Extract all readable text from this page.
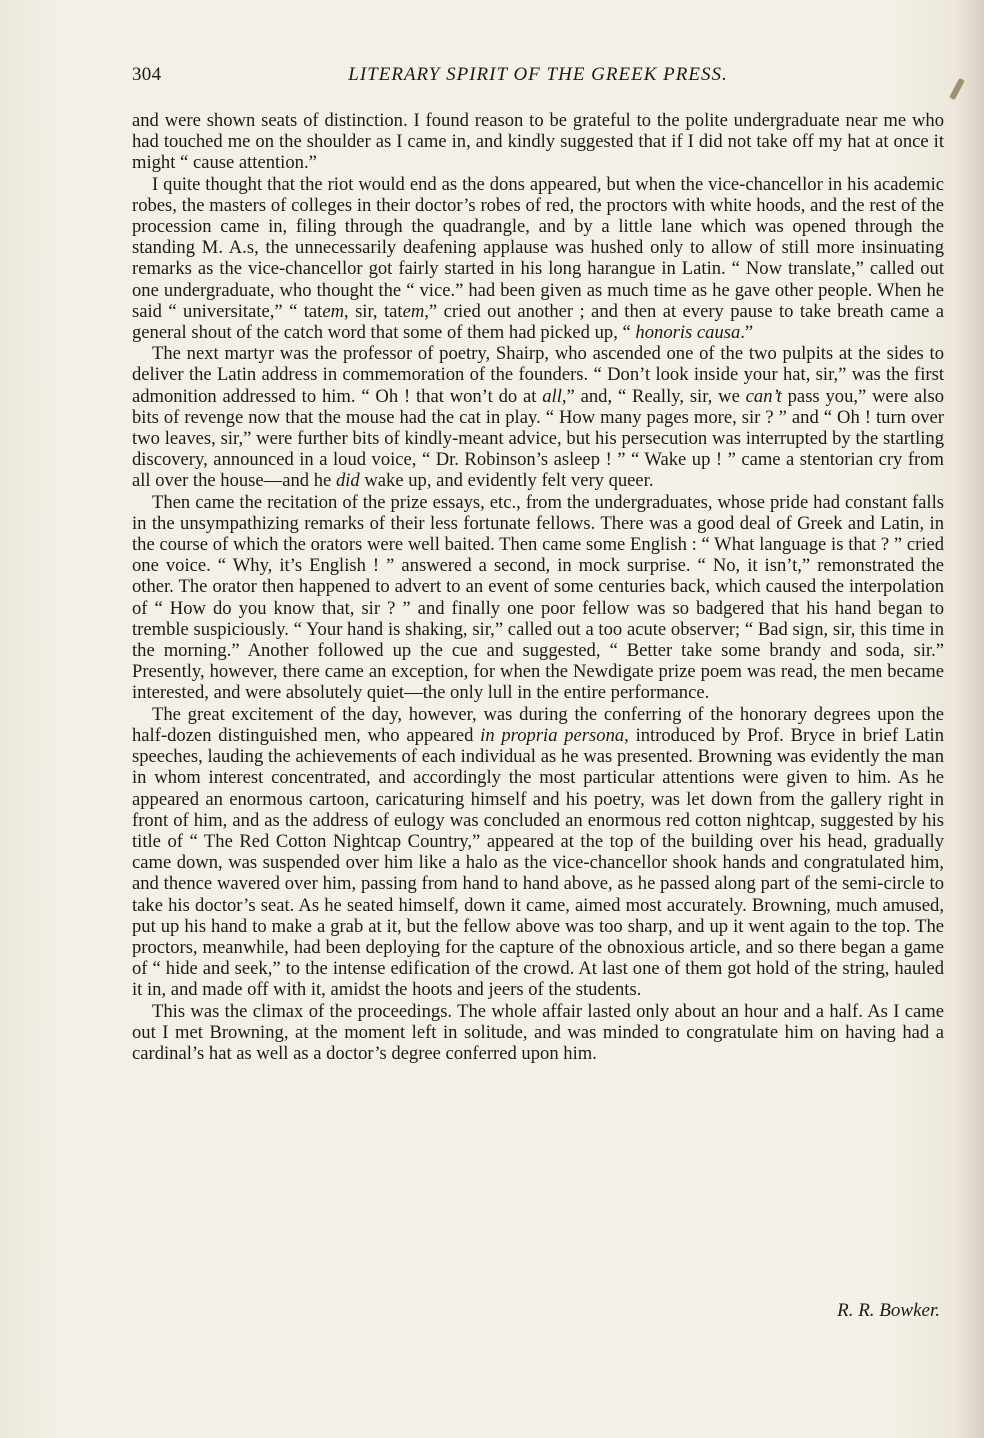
304	LITERARY SPIRIT OF THE GREEK PRESS.

and were shown seats of distinction. I found reason to be grateful to the polite undergraduate near me who had touched me on the shoulder as I came in, and kindly suggested that if I did not take off my hat at once it might “ cause attention.”

I quite thought that the riot would end as the dons appeared, but when the vice-chancellor in his academic robes, the masters of colleges in their doctor’s robes of red, the proctors with white hoods, and the rest of the procession came in, filing through the quadrangle, and by a little lane which was opened through the standing M. A.s, the unnecessarily deafening applause was hushed only to allow of still more insinuating remarks as the vice-chancellor got fairly started in his long harangue in Latin. “ Now translate,” called out one undergraduate, who thought the “ vice.” had been given as much time as he gave other people. When he said “ universitate,” “ tatem, sir, tatem,” cried out another ; and then at every pause to take breath came a general shout of the catch word that some of them had picked up, “ honoris causa.”

The next martyr was the professor of poetry, Shairp, who ascended one of the two pulpits at the sides to deliver the Latin address in commemoration of the founders. “ Don’t look inside your hat, sir,” was the first admonition addressed to him. “ Oh ! that won’t do at all,” and, “ Really, sir, we can’t pass you,” were also bits of revenge now that the mouse had the cat in play. “ How many pages more, sir ? ” and “ Oh ! turn over two leaves, sir,” were further bits of kindly-meant advice, but his persecution was interrupted by the startling discovery, announced in a loud voice, “ Dr. Robinson’s asleep ! ” “ Wake up ! ” came a stentorian cry from all over the house—and he did wake up, and evidently felt very queer.

Then came the recitation of the prize essays, etc., from the undergraduates, whose pride had constant falls in the unsympathizing remarks of their less fortunate fellows. There was a good deal of Greek and Latin, in the course of which the orators were well baited. Then came some English : “ What language is that ? ” cried one voice. “ Why, it’s English ! ” answered a second, in mock surprise. “ No, it isn’t,” remonstrated the other. The orator then happened to advert to an event of some centuries back, which caused the interpolation of “ How do you know that, sir ? ” and finally one poor fellow was so badgered that his hand began to tremble suspiciously. “ Your hand is shaking, sir,” called out a too acute observer; “ Bad sign, sir, this time in the morning.” Another followed up the cue and suggested, “ Better take some brandy and soda, sir.” Presently, however, there came an exception, for when the Newdigate prize poem was read, the men became interested, and were absolutely quiet—the only lull in the entire performance.

The great excitement of the day, however, was during the conferring of the honorary degrees upon the half-dozen distinguished men, who appeared in propria persona, introduced by Prof. Bryce in brief Latin speeches, lauding the achievements of each individual as he was presented. Browning was evidently the man in whom interest concentrated, and accordingly the most particular attentions were given to him. As he appeared an enormous cartoon, caricaturing himself and his poetry, was let down from the gallery right in front of him, and as the address of eulogy was concluded an enormous red cotton nightcap, suggested by his title of “ The Red Cotton Nightcap Country,” appeared at the top of the building over his head, gradually came down, was suspended over him like a halo as the vice-chancellor shook hands and congratulated him, and thence wavered over him, passing from hand to hand above, as he passed along part of the semi-circle to take his doctor’s seat. As he seated himself, down it came, aimed most accurately. Browning, much amused, put up his hand to make a grab at it, but the fellow above was too sharp, and up it went again to the top. The proctors, meanwhile, had been deploying for the capture of the obnoxious article, and so there began a game of “ hide and seek,” to the intense edification of the crowd. At last one of them got hold of the string, hauled it in, and made off with it, amidst the hoots and jeers of the students.

This was the climax of the proceedings. The whole affair lasted only about an hour and a half. As I came out I met Browning, at the moment left in solitude, and was minded to congratulate him on having had a cardinal’s hat as well as a doctor’s degree conferred upon him.

R. R. Bowker.
